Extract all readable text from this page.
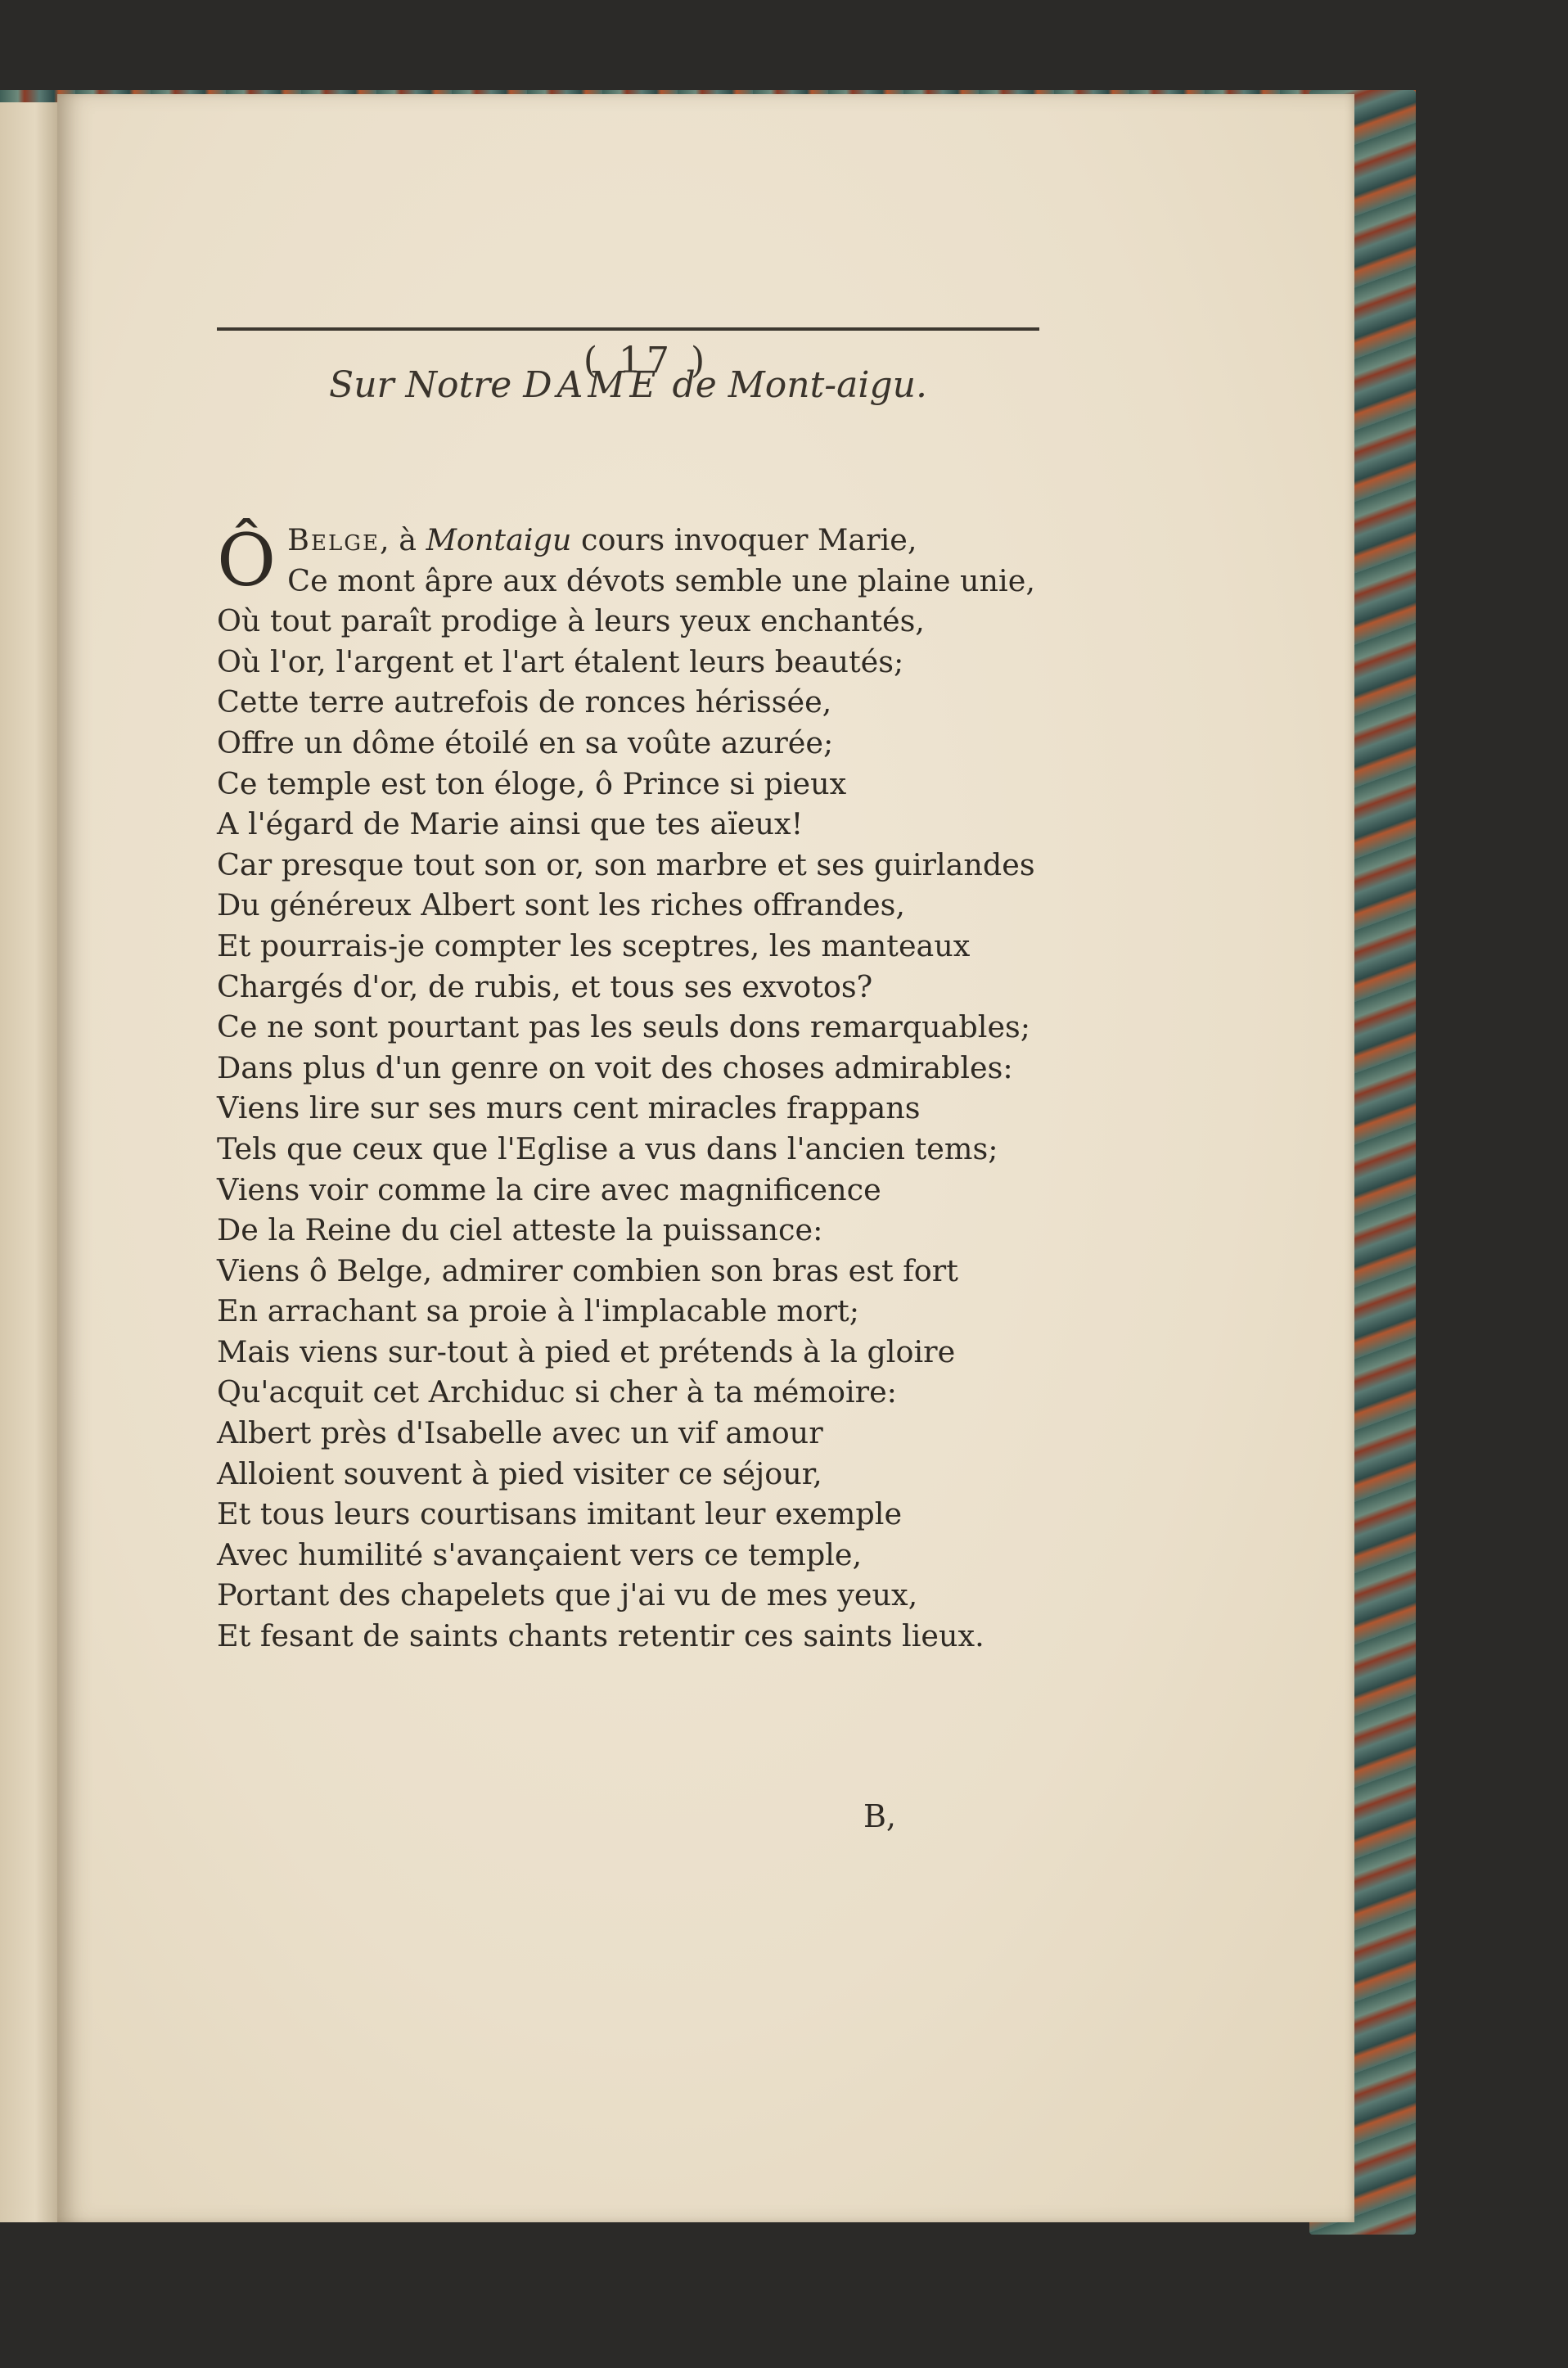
( 17 )
Sur Notre DAME de Mont-aigu.
Ô Belge, à Montaigu cours invoquer Marie,
Ce mont âpre aux dévots semble une plaine unie,
Où tout paraît prodige à leurs yeux enchantés,
Où l'or, l'argent et l'art étalent leurs beautés;
Cette terre autrefois de ronces hérissée,
Offre un dôme étoilé en sa voûte azurée;
Ce temple est ton éloge, ô Prince si pieux
A l'égard de Marie ainsi que tes aïeux!
Car presque tout son or, son marbre et ses guirlandes
Du généreux Albert sont les riches offrandes,
Et pourrais-je compter les sceptres, les manteaux
Chargés d'or, de rubis, et tous ses exvotos?
Ce ne sont pourtant pas les seuls dons remarquables;
Dans plus d'un genre on voit des choses admirables:
Viens lire sur ses murs cent miracles frappans
Tels que ceux que l'Eglise a vus dans l'ancien tems;
Viens voir comme la cire avec magnificence
De la Reine du ciel atteste la puissance:
Viens ô Belge, admirer combien son bras est fort
En arrachant sa proie à l'implacable mort;
Mais viens sur-tout à pied et prétends à la gloire
Qu'acquit cet Archiduc si cher à ta mémoire:
Albert près d'Isabelle avec un vif amour
Alloient souvent à pied visiter ce séjour,
Et tous leurs courtisans imitant leur exemple
Avec humilité s'avançaient vers ce temple,
Portant des chapelets que j'ai vu de mes yeux,
Et fesant de saints chants retentir ces saints lieux.
B,
